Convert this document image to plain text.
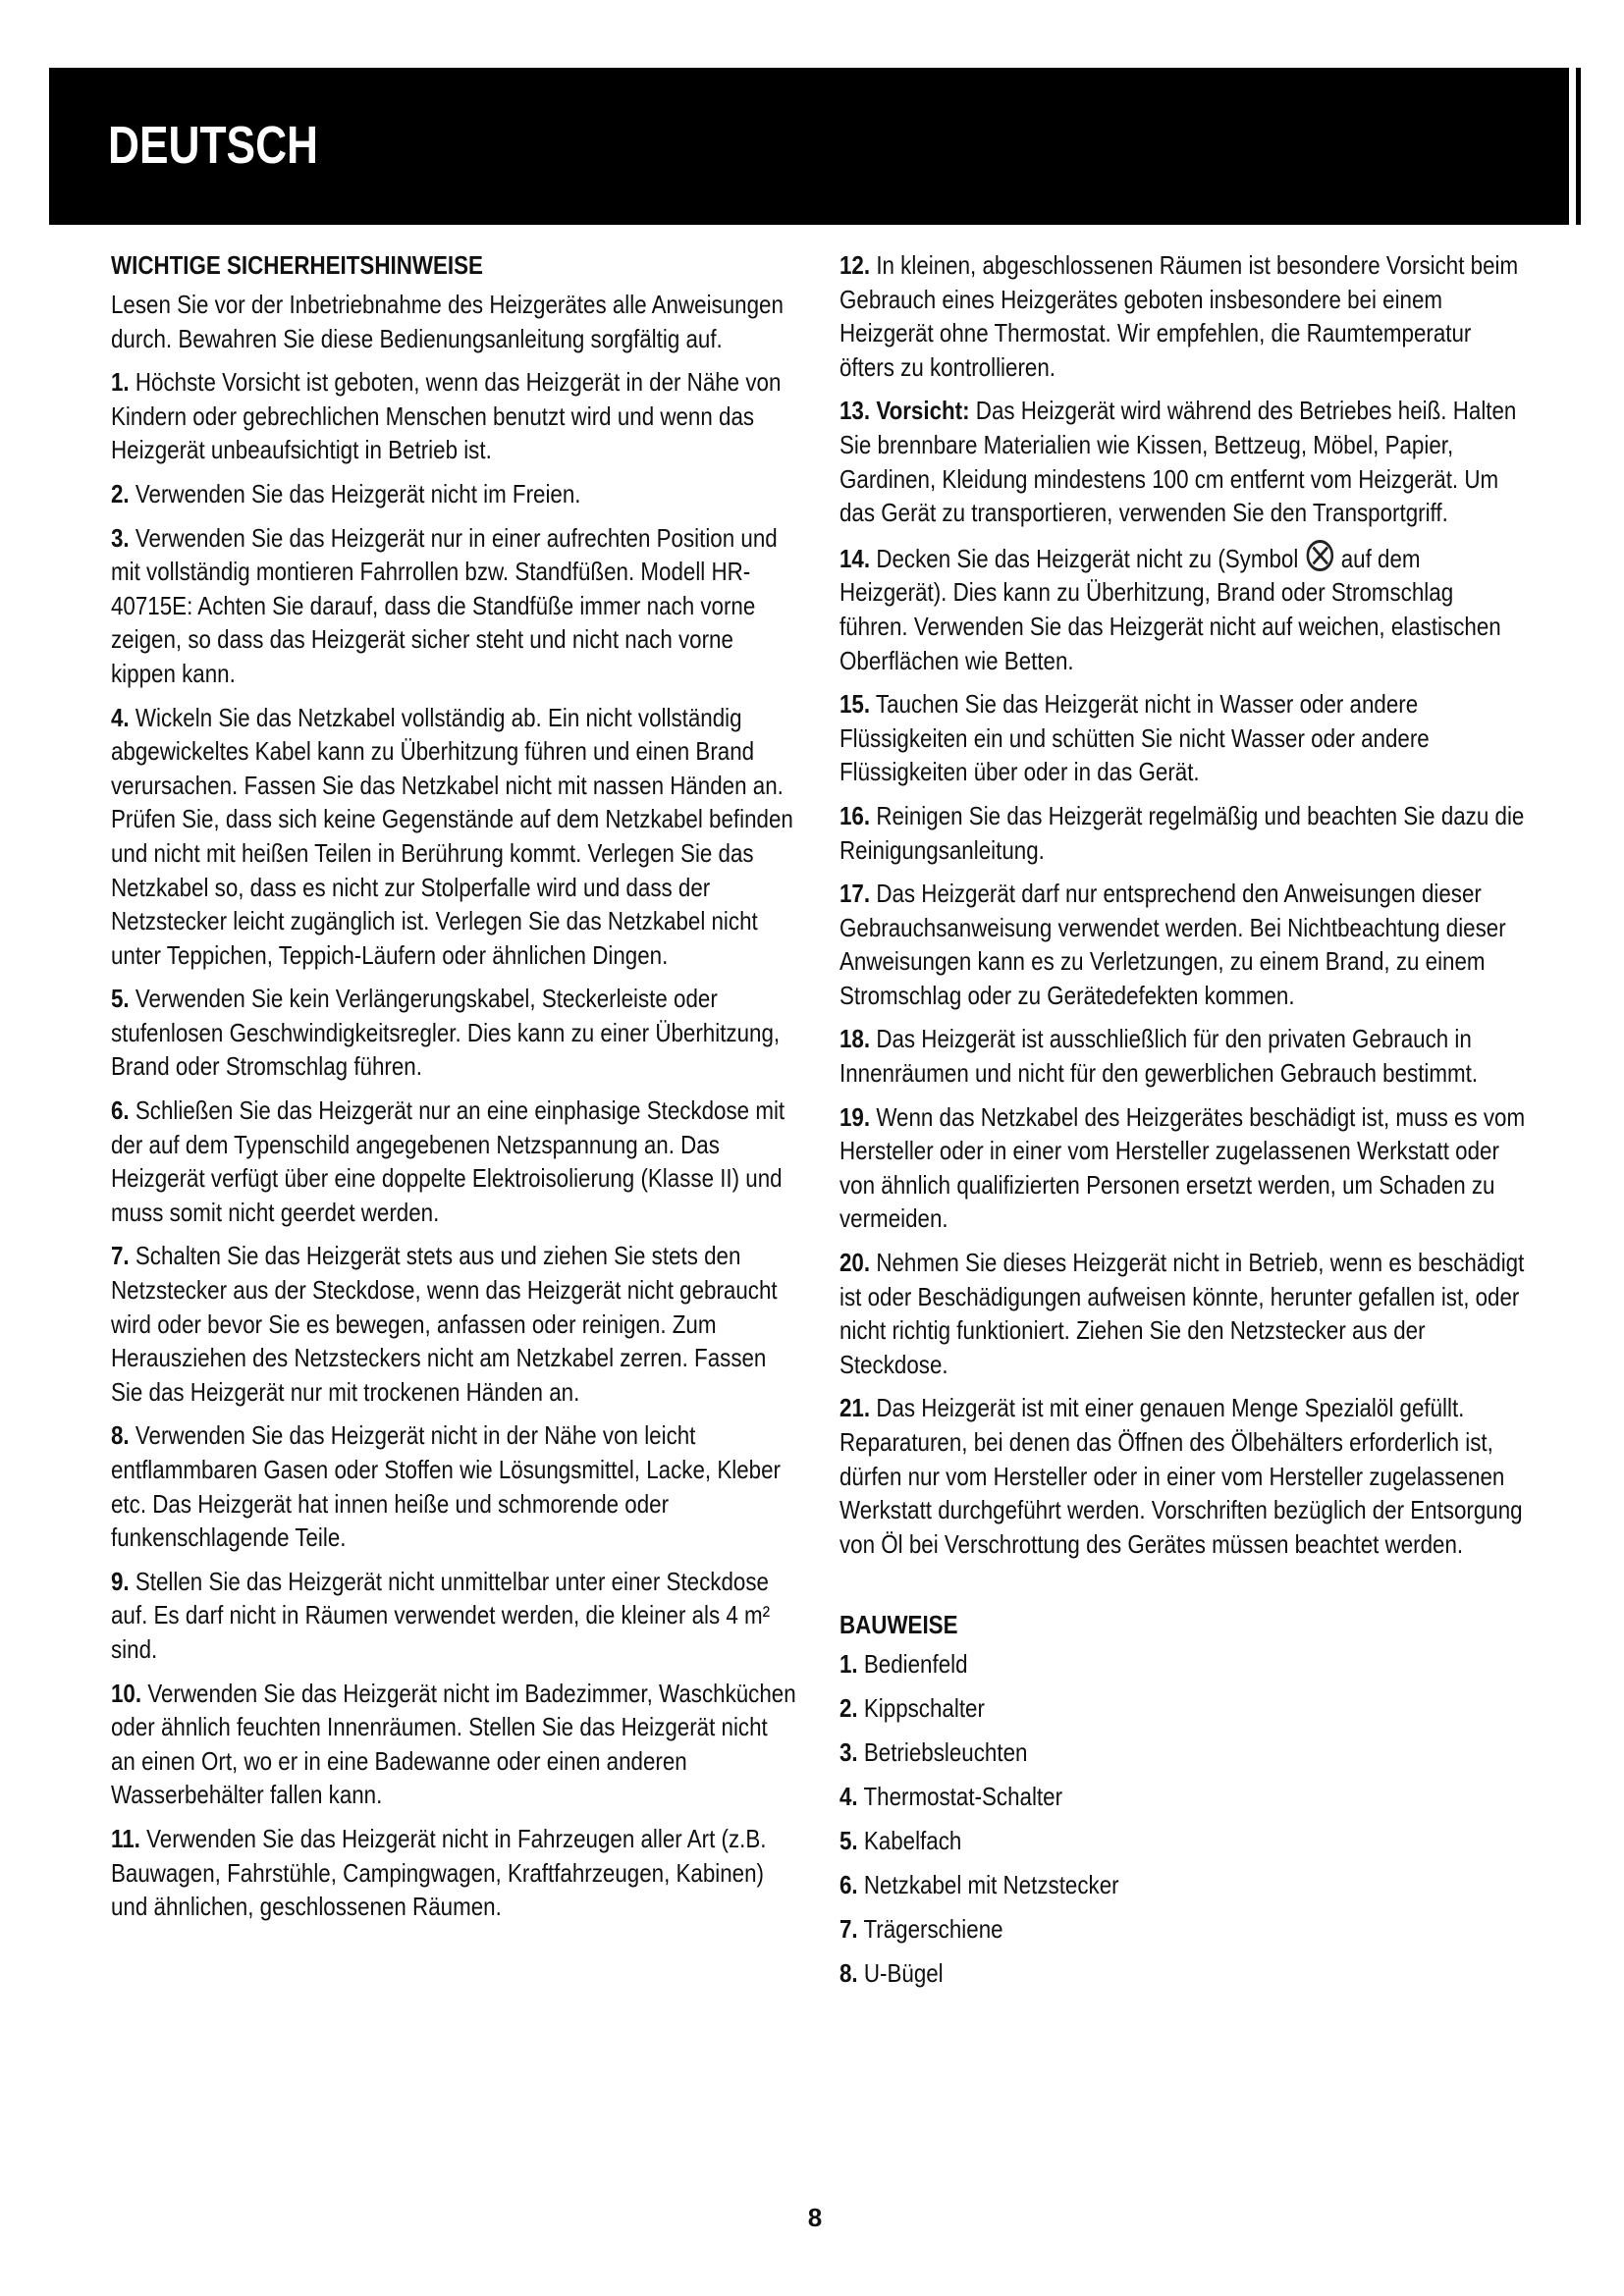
DEUTSCH
WICHTIGE SICHERHEITSHINWEISE

Lesen Sie vor der Inbetriebnahme des Heizgerätes alle Anweisungen durch. Bewahren Sie diese Bedienungsanleitung sorgfältig auf.

1. Höchste Vorsicht ist geboten, wenn das Heizgerät in der Nähe von Kindern oder gebrechlichen Menschen benutzt wird und wenn das Heizgerät unbeaufsichtigt in Betrieb ist.

2. Verwenden Sie das Heizgerät nicht im Freien.

3. Verwenden Sie das Heizgerät nur in einer aufrechten Position und mit vollständig montieren Fahrrollen bzw. Standfüßen. Modell HR-40715E: Achten Sie darauf, dass die Standfüße immer nach vorne zeigen, so dass das Heizgerät sicher steht und nicht nach vorne kippen kann.

4. Wickeln Sie das Netzkabel vollständig ab. Ein nicht vollständig abgewickeltes Kabel kann zu Überhitzung führen und einen Brand verursachen. Fassen Sie das Netzkabel nicht mit nassen Händen an. Prüfen Sie, dass sich keine Gegenstände auf dem Netzkabel befinden und nicht mit heißen Teilen in Berührung kommt. Verlegen Sie das Netzkabel so, dass es nicht zur Stolperfalle wird und dass der Netzstecker leicht zugänglich ist. Verlegen Sie das Netzkabel nicht unter Teppichen, Teppich-Läufern oder ähnlichen Dingen.

5. Verwenden Sie kein Verlängerungskabel, Steckerleiste oder stufenlosen Geschwindigkeitsregler. Dies kann zu einer Überhitzung, Brand oder Stromschlag führen.

6. Schließen Sie das Heizgerät nur an eine einphasige Steckdose mit der auf dem Typenschild angegebenen Netzspannung an. Das Heizgerät verfügt über eine doppelte Elektroisolierung (Klasse II) und muss somit nicht geerdet werden.

7. Schalten Sie das Heizgerät stets aus und ziehen Sie stets den Netzstecker aus der Steckdose, wenn das Heizgerät nicht gebraucht wird oder bevor Sie es bewegen, anfassen oder reinigen. Zum Herausziehen des Netzsteckers nicht am Netzkabel zerren. Fassen Sie das Heizgerät nur mit trockenen Händen an.

8. Verwenden Sie das Heizgerät nicht in der Nähe von leicht entflammbaren Gasen oder Stoffen wie Lösungsmittel, Lacke, Kleber etc. Das Heizgerät hat innen heiße und schmorende oder funkenschlagende Teile.

9. Stellen Sie das Heizgerät nicht unmittelbar unter einer Steckdose auf. Es darf nicht in Räumen verwendet werden, die kleiner als 4 m² sind.

10. Verwenden Sie das Heizgerät nicht im Badezimmer, Waschküchen oder ähnlich feuchten Innenräumen. Stellen Sie das Heizgerät nicht an einen Ort, wo er in eine Badewanne oder einen anderen Wasserbehälter fallen kann.

11. Verwenden Sie das Heizgerät nicht in Fahrzeugen aller Art (z.B. Bauwagen, Fahrstühle, Campingwagen, Kraftfahrzeugen, Kabinen) und ähnlichen, geschlossenen Räumen.

12. In kleinen, abgeschlossenen Räumen ist besondere Vorsicht beim Gebrauch eines Heizgerätes geboten insbesondere bei einem Heizgerät ohne Thermostat. Wir empfehlen, die Raumtemperatur öfters zu kontrollieren.

13. Vorsicht: Das Heizgerät wird während des Betriebes heiß. Halten Sie brennbare Materialien wie Kissen, Bettzeug, Möbel, Papier, Gardinen, Kleidung mindestens 100 cm entfernt vom Heizgerät. Um das Gerät zu transportieren, verwenden Sie den Transportgriff.

14. Decken Sie das Heizgerät nicht zu (Symbol auf dem Heizgerät). Dies kann zu Überhitzung, Brand oder Stromschlag führen. Verwenden Sie das Heizgerät nicht auf weichen, elastischen Oberflächen wie Betten.

15. Tauchen Sie das Heizgerät nicht in Wasser oder andere Flüssigkeiten ein und schütten Sie nicht Wasser oder andere Flüssigkeiten über oder in das Gerät.

16. Reinigen Sie das Heizgerät regelmäßig und beachten Sie dazu die Reinigungsanleitung.

17. Das Heizgerät darf nur entsprechend den Anweisungen dieser Gebrauchsanweisung verwendet werden. Bei Nichtbeachtung dieser Anweisungen kann es zu Verletzungen, zu einem Brand, zu einem Stromschlag oder zu Gerätedefekten kommen.

18. Das Heizgerät ist ausschließlich für den privaten Gebrauch in Innenräumen und nicht für den gewerblichen Gebrauch bestimmt.

19. Wenn das Netzkabel des Heizgerätes beschädigt ist, muss es vom Hersteller oder in einer vom Hersteller zugelassenen Werkstatt oder von ähnlich qualifizierten Personen ersetzt werden, um Schaden zu vermeiden.

20. Nehmen Sie dieses Heizgerät nicht in Betrieb, wenn es beschädigt ist oder Beschädigungen aufweisen könnte, herunter gefallen ist, oder nicht richtig funktioniert. Ziehen Sie den Netzstecker aus der Steckdose.

21. Das Heizgerät ist mit einer genauen Menge Spezialöl gefüllt. Reparaturen, bei denen das Öffnen des Ölbehälters erforderlich ist, dürfen nur vom Hersteller oder in einer vom Hersteller zugelassenen Werkstatt durchgeführt werden. Vorschriften bezüglich der Entsorgung von Öl bei Verschrottung des Gerätes müssen beachtet werden.

BAUWEISE
1. Bedienfeld
2. Kippschalter
3. Betriebsleuchten
4. Thermostat-Schalter
5. Kabelfach
6. Netzkabel mit Netzstecker
7. Trägerschiene
8. U-Bügel
8
